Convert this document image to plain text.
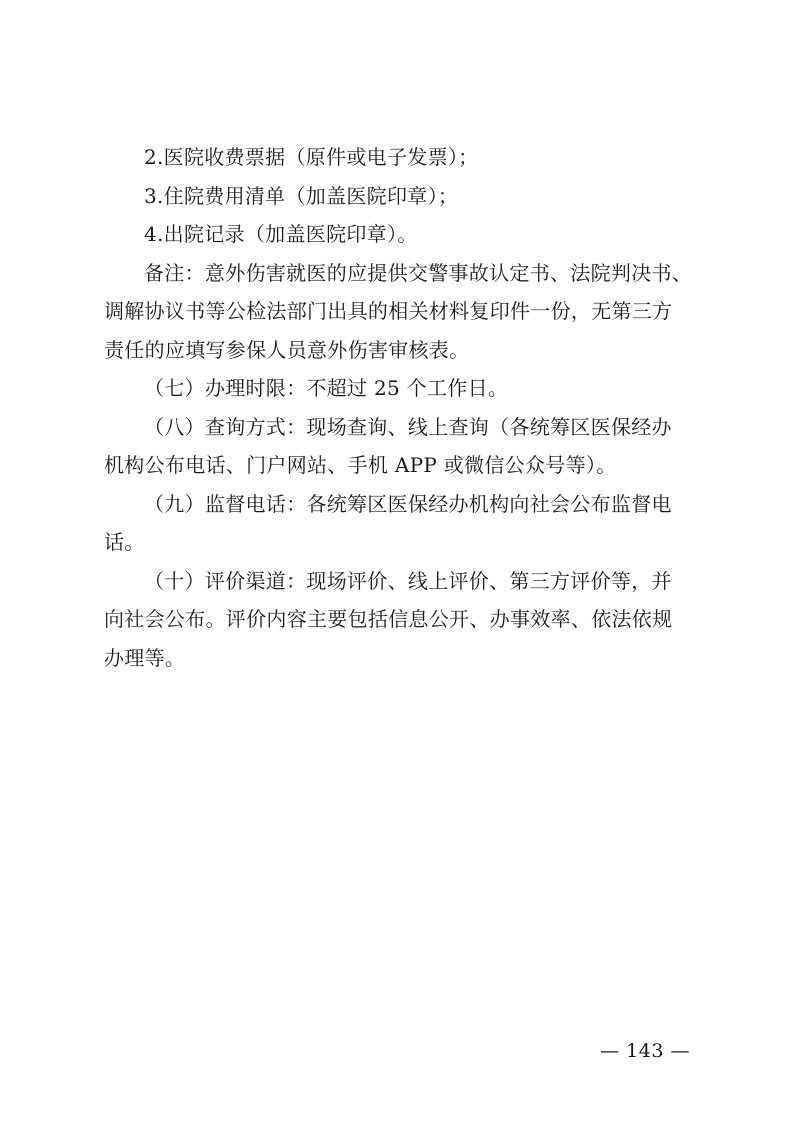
2.医院收费票据（原件或电子发票）；
3.住院费用清单（加盖医院印章）；
4.出院记录（加盖医院印章）。
备注：意外伤害就医的应提供交警事故认定书、法院判决书、
调解协议书等公检法部门出具的相关材料复印件一份，无第三方
责任的应填写参保人员意外伤害审核表。
（七）办理时限：不超过 25 个工作日。
（八）查询方式：现场查询、线上查询（各统筹区医保经办
机构公布电话、门户网站、手机 APP 或微信公众号等）。
（九）监督电话：各统筹区医保经办机构向社会公布监督电
话。
（十）评价渠道：现场评价、线上评价、第三方评价等，并
向社会公布。评价内容主要包括信息公开、办事效率、依法依规
办理等。
— 143 —
